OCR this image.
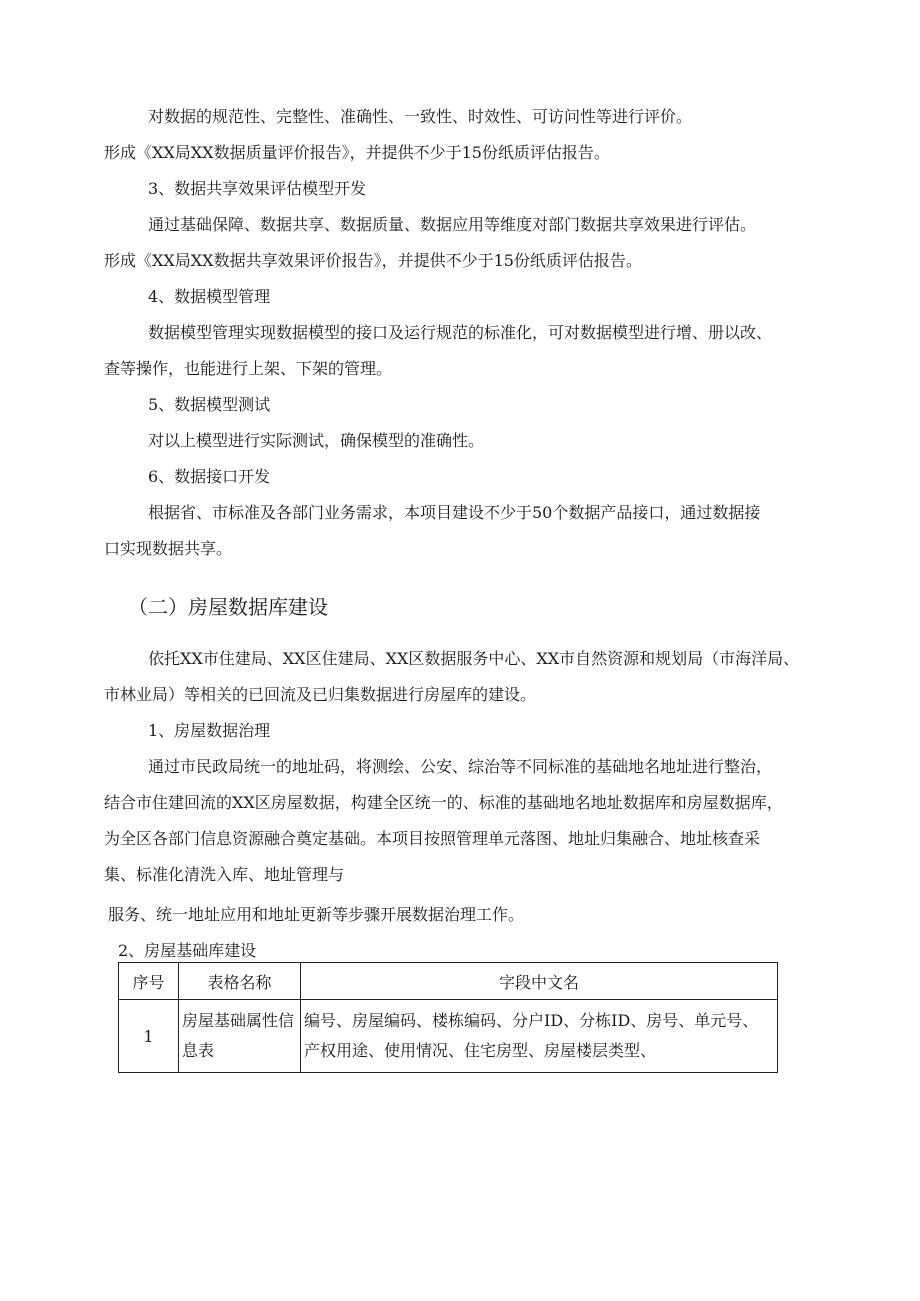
对数据的规范性、完整性、准确性、一致性、时效性、可访问性等进行评价。
形成《XX局XX数据质量评价报告》，并提供不少于15份纸质评估报告。
3、数据共享效果评估模型开发
通过基础保障、数据共享、数据质量、数据应用等维度对部门数据共享效果进行评估。
形成《XX局XX数据共享效果评价报告》，并提供不少于15份纸质评估报告。
4、数据模型管理
数据模型管理实现数据模型的接口及运行规范的标准化，可对数据模型进行增、册以改、
查等操作，也能进行上架、下架的管理。
5、数据模型测试
对以上模型进行实际测试，确保模型的准确性。
6、数据接口开发
根据省、市标准及各部门业务需求，本项目建设不少于50个数据产品接口，通过数据接
口实现数据共享。
（二）房屋数据库建设
依托XX市住建局、XX区住建局、XX区数据服务中心、XX市自然资源和规划局（市海洋局、
市林业局）等相关的已回流及已归集数据进行房屋库的建设。
1、房屋数据治理
通过市民政局统一的地址码，将测绘、公安、综治等不同标准的基础地名地址进行整治，
结合市住建回流的XX区房屋数据，构建全区统一的、标准的基础地名地址数据库和房屋数据库，
为全区各部门信息资源融合奠定基础。本项目按照管理单元落图、地址归集融合、地址核查采
集、标准化清洗入库、地址管理与
服务、统一地址应用和地址更新等步骤开展数据治理工作。
2、房屋基础库建设
序号	表格名称	字段中文名
1	房屋基础属性信息表	编号、房屋编码、楼栋编码、分户ID、分栋ID、房号、单元号、产权用途、使用情况、住宅房型、房屋楼层类型、
